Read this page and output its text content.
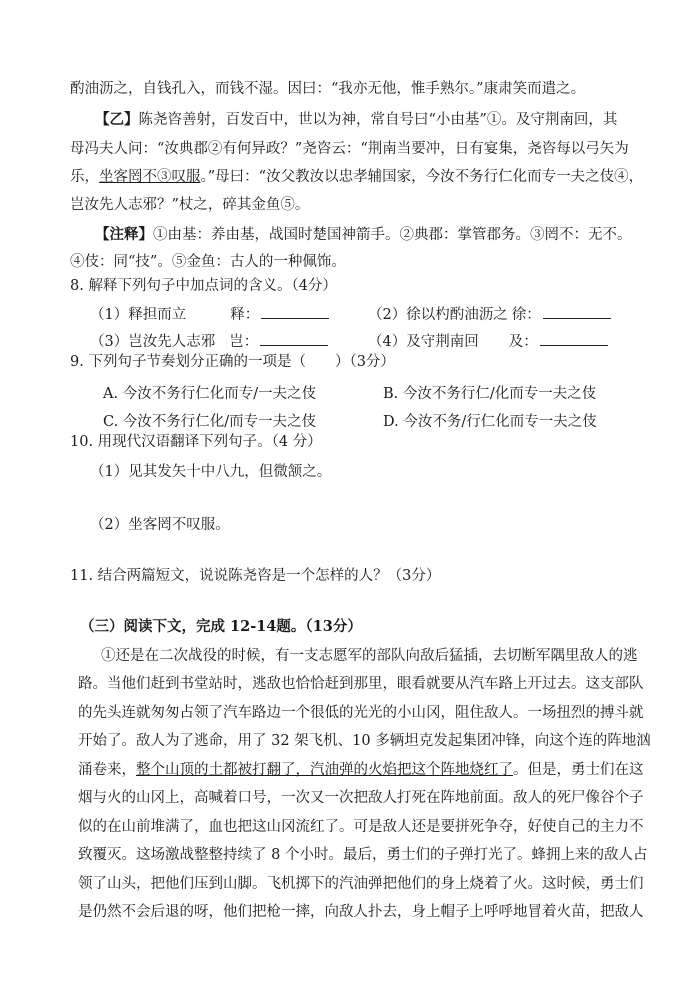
酌油沥之，自钱孔入，而钱不湿。因曰：“我亦无他，惟手熟尔。”康肃笑而遣之。
【乙】陈尧咨善射，百发百中，世以为神，常自号曰“小由基”①。及守荆南回，其
母冯夫人问：“汝典郡②有何异政？”尧咨云：“荆南当要冲，日有宴集，尧咨每以弓矢为
乐，坐客罔不③叹服。”母曰：“汝父教汝以忠孝辅国家，今汝不务行仁化而专一夫之伎④，
岂汝先人志邪？”杖之，碎其金鱼⑤。
【注释】①由基：养由基，战国时楚国神箭手。②典郡：掌管郡务。③罔不：无不。
④伎：同“技”。⑤金鱼：古人的一种佩饰。
8. 解释下列句子中加点词的含义。（4分）
（1）释担而立	释：	（2）徐以杓酌油沥之 徐：
（3）岂汝先人志邪 岂：	（4）及守荆南回 及：
9. 下列句子节奏划分正确的一项是（　　）（3分）
A. 今汝不务行仁化而专/一夫之伎	B. 今汝不务行仁/化而专一夫之伎
C. 今汝不务行仁化/而专一夫之伎	D. 今汝不务/行仁化而专一夫之伎
10. 用现代汉语翻译下列句子。（4 分）
（1）见其发矢十中八九，但微颔之。
（2）坐客罔不叹服。
11. 结合两篇短文，说说陈尧咨是一个怎样的人？（3分）
（三）阅读下文，完成 12-14题。（13分）
①还是在二次战役的时候，有一支志愿军的部队向敌后猛插，去切断军隅里敌人的逃
路。当他们赶到书堂站时，逃敌也恰恰赶到那里，眼看就要从汽车路上开过去。这支部队
的先头连就匆匆占领了汽车路边一个很低的光光的小山冈，阻住敌人。一场扭烈的搏斗就
开始了。敌人为了逃命，用了 32 架飞机、10 多辆坦克发起集团冲锋，向这个连的阵地汹
涌卷来，整个山顶的土都被打翻了，汽油弹的火焰把这个阵地烧红了。但是，勇士们在这
烟与火的山冈上，高喊着口号，一次又一次把敌人打死在阵地前面。敌人的死尸像谷个子
似的在山前堆满了，血也把这山冈流红了。可是敌人还是要拼死争夺，好使自己的主力不
致覆灭。这场激战整整持续了 8 个小时。最后，勇士们的子弹打光了。蜂拥上来的敌人占
领了山头，把他们压到山脚。飞机掷下的汽油弹把他们的身上烧着了火。这时候，勇士们
是仍然不会后退的呀，他们把枪一摔，向敌人扑去，身上帽子上呼呼地冒着火苗，把敌人
